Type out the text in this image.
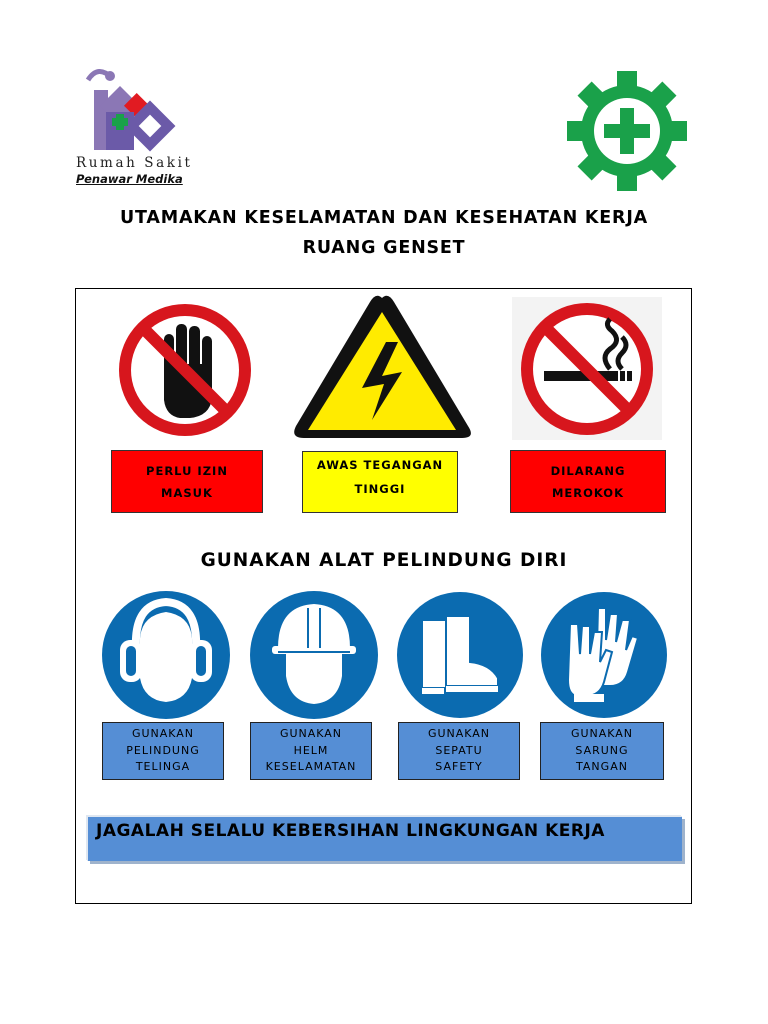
Rumah Sakit
Penawar Medika
UTAMAKAN KESELAMATAN DAN KESEHATAN KERJA
RUANG GENSET
PERLU IZIN
MASUK
AWAS TEGANGAN
TINGGI
DILARANG
MEROKOK
GUNAKAN ALAT PELINDUNG DIRI
GUNAKAN
PELINDUNG
TELINGA
GUNAKAN
HELM
KESELAMATAN
GUNAKAN
SEPATU
SAFETY
GUNAKAN
SARUNG
TANGAN
JAGALAH SELALU KEBERSIHAN LINGKUNGAN KERJA
